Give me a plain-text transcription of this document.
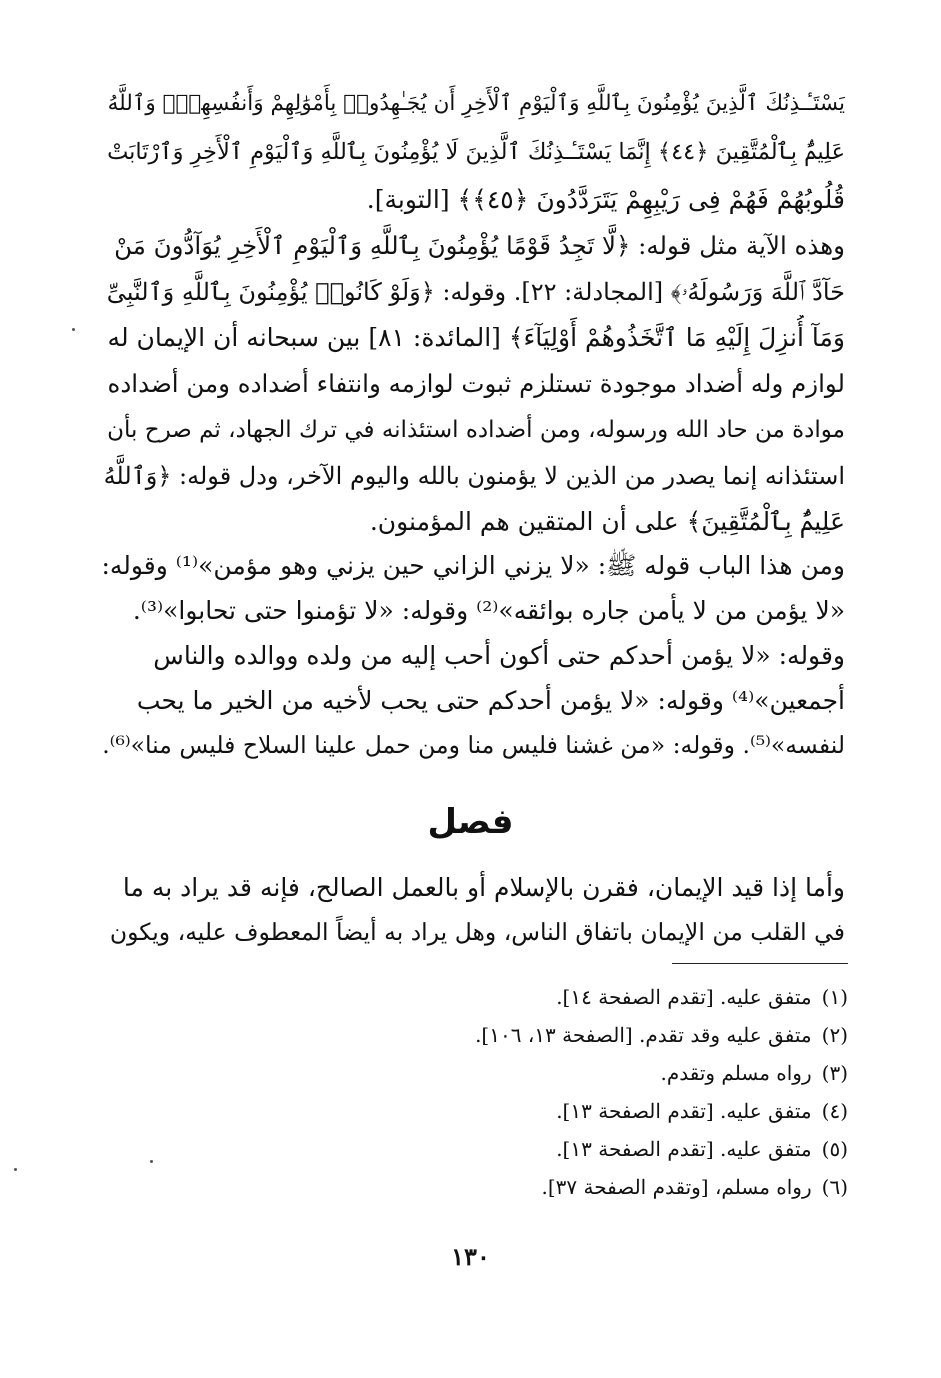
يَسْتَـٔـذِنُكَ ٱلَّذِينَ يُؤْمِنُونَ بِٱللَّهِ وَٱلْيَوْمِ ٱلْأَخِرِ أَن يُجَـٰهِدُوا۟ بِأَمْوَٰلِهِمْ وَأَنفُسِهِمْۗ وَٱللَّهُ
عَلِيمٌۢ بِٱلْمُتَّقِينَ ﴿٤٤﴾ إِنَّمَا يَسْتَـٔـذِنُكَ ٱلَّذِينَ لَا يُؤْمِنُونَ بِٱللَّهِ وَٱلْيَوْمِ ٱلْأَخِرِ وَٱرْتَابَتْ
قُلُوبُهُمْ فَهُمْ فِى رَيْبِهِمْ يَتَرَدَّدُونَ ﴿٤٥﴾﴾ [التوبة].
وهذه الآية مثل قوله: ﴿لَّا تَجِدُ قَوْمًا يُؤْمِنُونَ بِٱللَّهِ وَٱلْيَوْمِ ٱلْأَخِرِ يُوَآدُّونَ مَنْ
حَآدَّ ٱللَّهَ وَرَسُولَهُۥ﴾ [المجادلة: ٢٢]. وقوله: ﴿وَلَوْ كَانُوا۟ يُؤْمِنُونَ بِٱللَّهِ وَٱلنَّبِىِّ
وَمَآ أُنزِلَ إِلَيْهِ مَا ٱتَّخَذُوهُمْ أَوْلِيَآءَ﴾ [المائدة: ٨١] بين سبحانه أن الإيمان له
لوازم وله أضداد موجودة تستلزم ثبوت لوازمه وانتفاء أضداده ومن أضداده
موادة من حاد الله ورسوله، ومن أضداده استئذانه في ترك الجهاد، ثم صرح بأن
استئذانه إنما يصدر من الذين لا يؤمنون بالله واليوم الآخر، ودل قوله: ﴿وَٱللَّهُ
عَلِيمٌۢ بِٱلْمُتَّقِينَ﴾ على أن المتقين هم المؤمنون.
ومن هذا الباب قوله ﷺ: «لا يزني الزاني حين يزني وهو مؤمن»⁽¹⁾ وقوله:
«لا يؤمن من لا يأمن جاره بوائقه»⁽²⁾ وقوله: «لا تؤمنوا حتى تحابوا»⁽³⁾.
وقوله: «لا يؤمن أحدكم حتى أكون أحب إليه من ولده ووالده والناس
أجمعين»⁽⁴⁾ وقوله: «لا يؤمن أحدكم حتى يحب لأخيه من الخير ما يحب
لنفسه»⁽⁵⁾. وقوله: «من غشنا فليس منا ومن حمل علينا السلاح فليس منا»⁽⁶⁾.
فصل
وأما إذا قيد الإيمان، فقرن بالإسلام أو بالعمل الصالح، فإنه قد يراد به ما
في القلب من الإيمان باتفاق الناس، وهل يراد به أيضاً المعطوف عليه، ويكون
(١)متفق عليه. [تقدم الصفحة ١٤].
(٢)متفق عليه وقد تقدم. [الصفحة ١٣، ١٠٦].
(٣)رواه مسلم وتقدم.
(٤)متفق عليه. [تقدم الصفحة ١٣].
(٥)متفق عليه. [تقدم الصفحة ١٣].
(٦)رواه مسلم، [وتقدم الصفحة ٣٧].
١٣٠
